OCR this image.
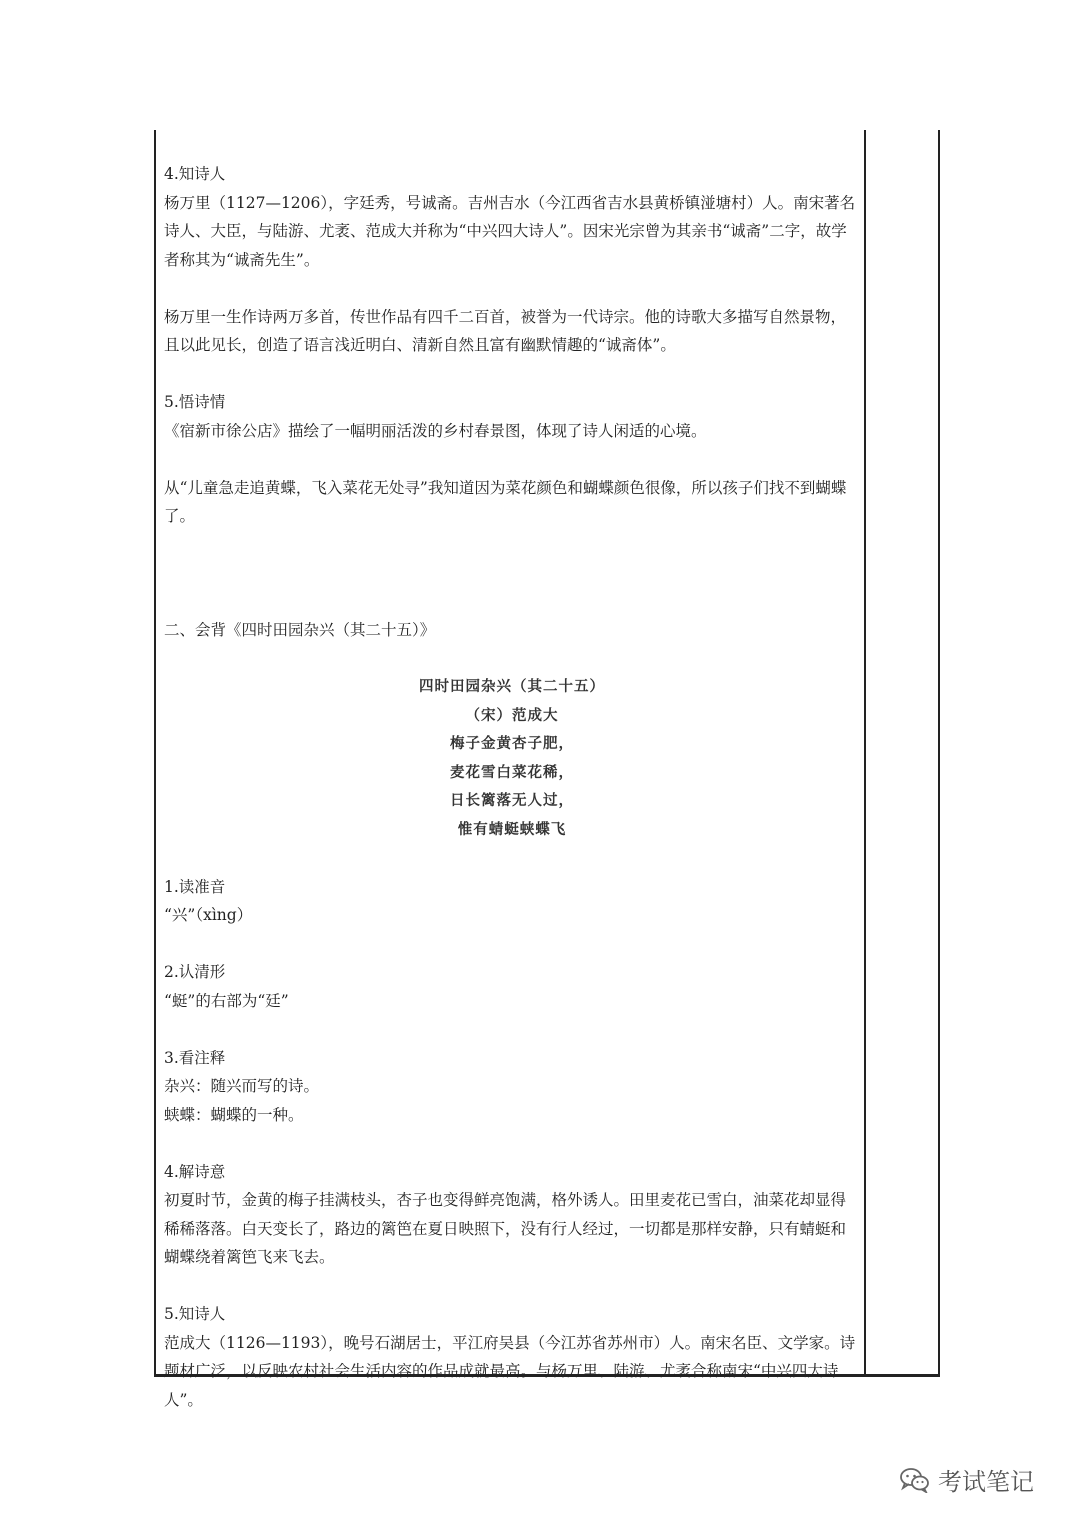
4.知诗人

杨万里（1127—1206），字廷秀，号诚斋。吉州吉水（今江西省吉水县黄桥镇湴塘村）人。南宋著名诗人、大臣，与陆游、尤袤、范成大并称为“中兴四大诗人”。因宋光宗曾为其亲书“诚斋”二字，故学者称其为“诚斋先生”。

杨万里一生作诗两万多首，传世作品有四千二百首，被誉为一代诗宗。他的诗歌大多描写自然景物，且以此见长，创造了语言浅近明白、清新自然且富有幽默情趣的“诚斋体”。

5.悟诗情

《宿新市徐公店》描绘了一幅明丽活泼的乡村春景图，体现了诗人闲适的心境。

从“儿童急走追黄蝶，飞入菜花无处寻”我知道因为菜花颜色和蝴蝶颜色很像，所以孩子们找不到蝴蝶了。

二、会背《四时田园杂兴（其二十五）》

四时田园杂兴（其二十五）
（宋）范成大
梅子金黄杏子肥，
麦花雪白菜花稀，
日长篱落无人过，
惟有蜻蜓蛱蝶飞

1.读准音

“兴”（xìng）

2.认清形

“蜓”的右部为“廷”

3.看注释

杂兴：随兴而写的诗。

蛱蝶：蝴蝶的一种。

4.解诗意

初夏时节，金黄的梅子挂满枝头，杏子也变得鲜亮饱满，格外诱人。田里麦花已雪白，油菜花却显得稀稀落落。白天变长了，路边的篱笆在夏日映照下，没有行人经过，一切都是那样安静，只有蜻蜓和蝴蝶绕着篱笆飞来飞去。

5.知诗人

范成大（1126—1193），晚号石湖居士，平江府吴县（今江苏省苏州市）人。南宋名臣、文学家。诗题材广泛，以反映农村社会生活内容的作品成就最高。与杨万里、陆游、尤袤合称南宋“中兴四大诗人”。

考试笔记
